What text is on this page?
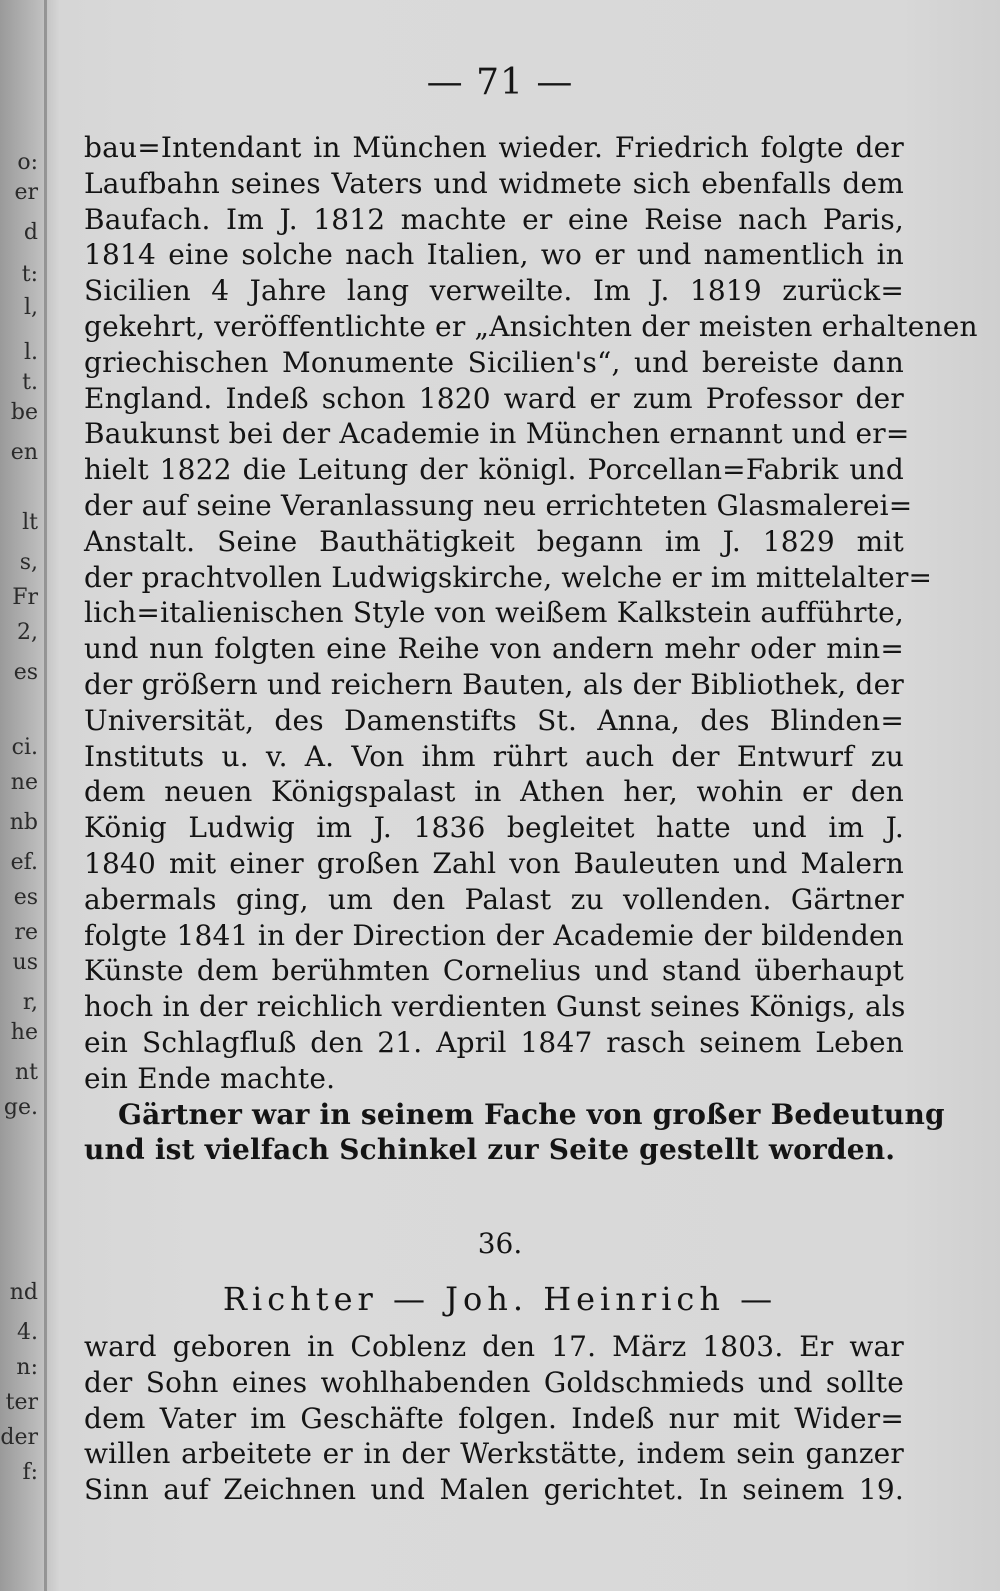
o:
er
d
t:
l,
l.
t.
be
en
lt
s,
Fr
2,
es
ci.
ne
nb
ef.
es
re
us
r,
he
nt
ge.
nd
4.
n:
ter
der
f:
— 71 —
bau=Intendant in München wieder. Friedrich folgte der
Laufbahn seines Vaters und widmete sich ebenfalls dem
Baufach. Im J. 1812 machte er eine Reise nach Paris,
1814 eine solche nach Italien, wo er und namentlich in
Sicilien 4 Jahre lang verweilte. Im J. 1819 zurück=
gekehrt, veröffentlichte er „Ansichten der meisten erhaltenen
griechischen Monumente Sicilien's“, und bereiste dann
England. Indeß schon 1820 ward er zum Professor der
Baukunst bei der Academie in München ernannt und er=
hielt 1822 die Leitung der königl. Porcellan=Fabrik und
der auf seine Veranlassung neu errichteten Glasmalerei=
Anstalt. Seine Bauthätigkeit begann im J. 1829 mit
der prachtvollen Ludwigskirche, welche er im mittelalter=
lich=italienischen Style von weißem Kalkstein aufführte,
und nun folgten eine Reihe von andern mehr oder min=
der größern und reichern Bauten, als der Bibliothek, der
Universität, des Damenstifts St. Anna, des Blinden=
Instituts u. v. A. Von ihm rührt auch der Entwurf zu
dem neuen Königspalast in Athen her, wohin er den
König Ludwig im J. 1836 begleitet hatte und im J.
1840 mit einer großen Zahl von Bauleuten und Malern
abermals ging, um den Palast zu vollenden. Gärtner
folgte 1841 in der Direction der Academie der bildenden
Künste dem berühmten Cornelius und stand überhaupt
hoch in der reichlich verdienten Gunst seines Königs, als
ein Schlagfluß den 21. April 1847 rasch seinem Leben
ein Ende machte.
Gärtner war in seinem Fache von großer Bedeutung
und ist vielfach Schinkel zur Seite gestellt worden.
36.
Richter — Joh. Heinrich —
ward geboren in Coblenz den 17. März 1803. Er war
der Sohn eines wohlhabenden Goldschmieds und sollte
dem Vater im Geschäfte folgen. Indeß nur mit Wider=
willen arbeitete er in der Werkstätte, indem sein ganzer
Sinn auf Zeichnen und Malen gerichtet. In seinem 19.
